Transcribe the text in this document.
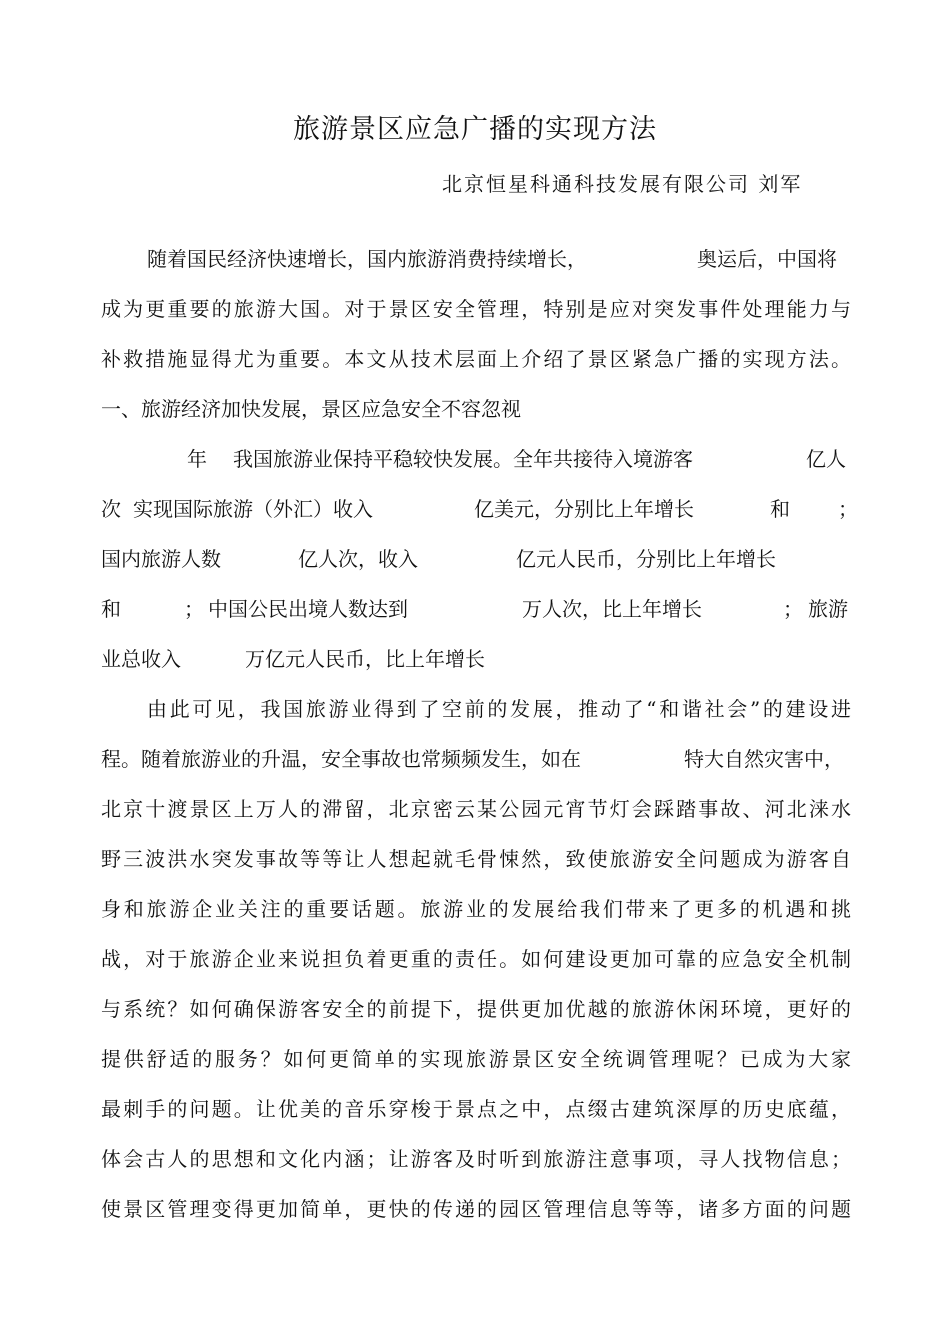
旅游景区应急广播的实现方法
北京恒星科通科技发展有限公司 刘军
随着国民经济快速增长，国内旅游消费持续增长，	奥运后，中国将
成为更重要的旅游大国。对于景区安全管理，特别是应对突发事件处理能力与
补救措施显得尤为重要。本文从技术层面上介绍了景区紧急广播的实现方法。
一、旅游经济加快发展，景区应急安全不容忽视
年 我国旅游业保持平稳较快发展。全年共接待入境游客	亿人
次 实现国际旅游（外汇）收入	亿美元，分别比上年增长	和 ；
国内旅游人数	亿人次，收入	亿元人民币，分别比上年增长
和	； 中国公民出境人数达到	万人次，比上年增长	； 旅游
业总收入	万亿元人民币，比上年增长
由此可见，我国旅游业得到了空前的发展，推动了“和谐社会”的建设进
程。随着旅游业的升温，安全事故也常频频发生，如在	特大自然灾害中，
北京十渡景区上万人的滞留，北京密云某公园元宵节灯会踩踏事故、河北涞水
野三波洪水突发事故等等让人想起就毛骨悚然，致使旅游安全问题成为游客自
身和旅游企业关注的重要话题。旅游业的发展给我们带来了更多的机遇和挑
战，对于旅游企业来说担负着更重的责任。如何建设更加可靠的应急安全机制
与系统？如何确保游客安全的前提下，提供更加优越的旅游休闲环境，更好的
提供舒适的服务？如何更简单的实现旅游景区安全统调管理呢？已成为大家
最刺手的问题。让优美的音乐穿梭于景点之中，点缀古建筑深厚的历史底蕴，
体会古人的思想和文化内涵；让游客及时听到旅游注意事项，寻人找物信息；
使景区管理变得更加简单，更快的传递的园区管理信息等等，诸多方面的问题
